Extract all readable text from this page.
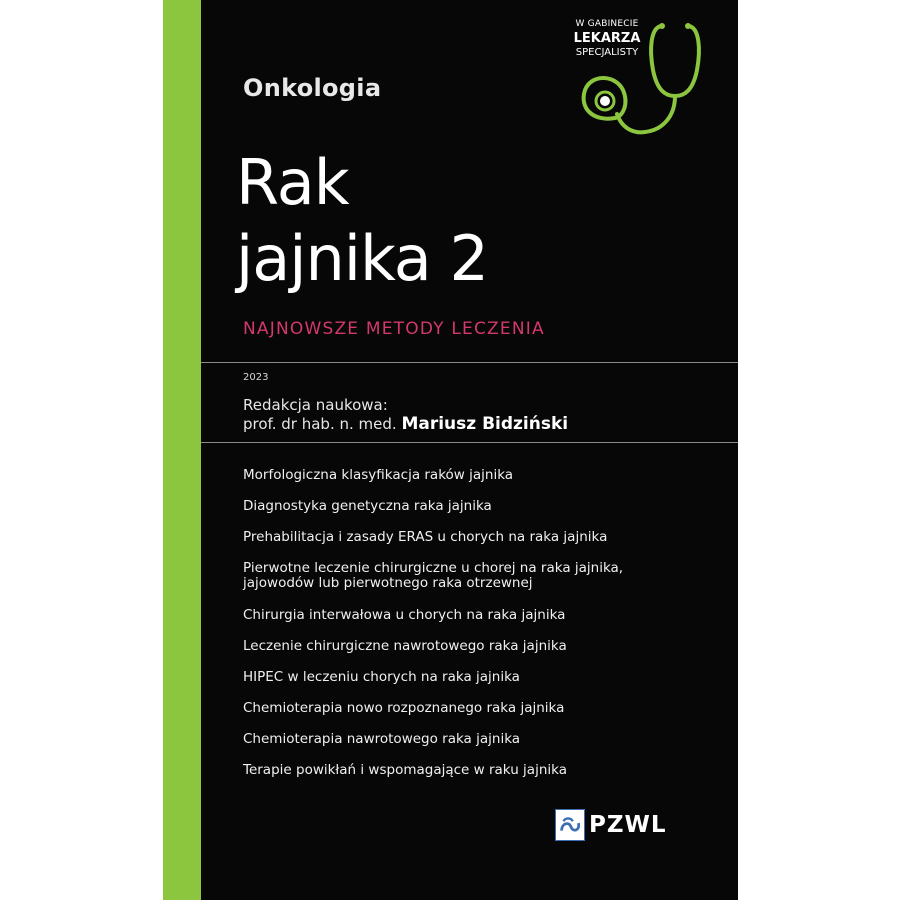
W GABINECIE
LEKARZA
SPECJALISTY
Onkologia
Rak
jajnika 2
NAJNOWSZE METODY LECZENIA
2023
Redakcja naukowa:
prof. dr hab. n. med. Mariusz Bidziński
Morfologiczna klasyfikacja raków jajnika
Diagnostyka genetyczna raka jajnika
Prehabilitacja i zasady ERAS u chorych na raka jajnika
Pierwotne leczenie chirurgiczne u chorej na raka jajnika,
jajowodów lub pierwotnego raka otrzewnej
Chirurgia interwałowa u chorych na raka jajnika
Leczenie chirurgiczne nawrotowego raka jajnika
HIPEC w leczeniu chorych na raka jajnika
Chemioterapia nowo rozpoznanego raka jajnika
Chemioterapia nawrotowego raka jajnika
Terapie powikłań i wspomagające w raku jajnika
PZWL
